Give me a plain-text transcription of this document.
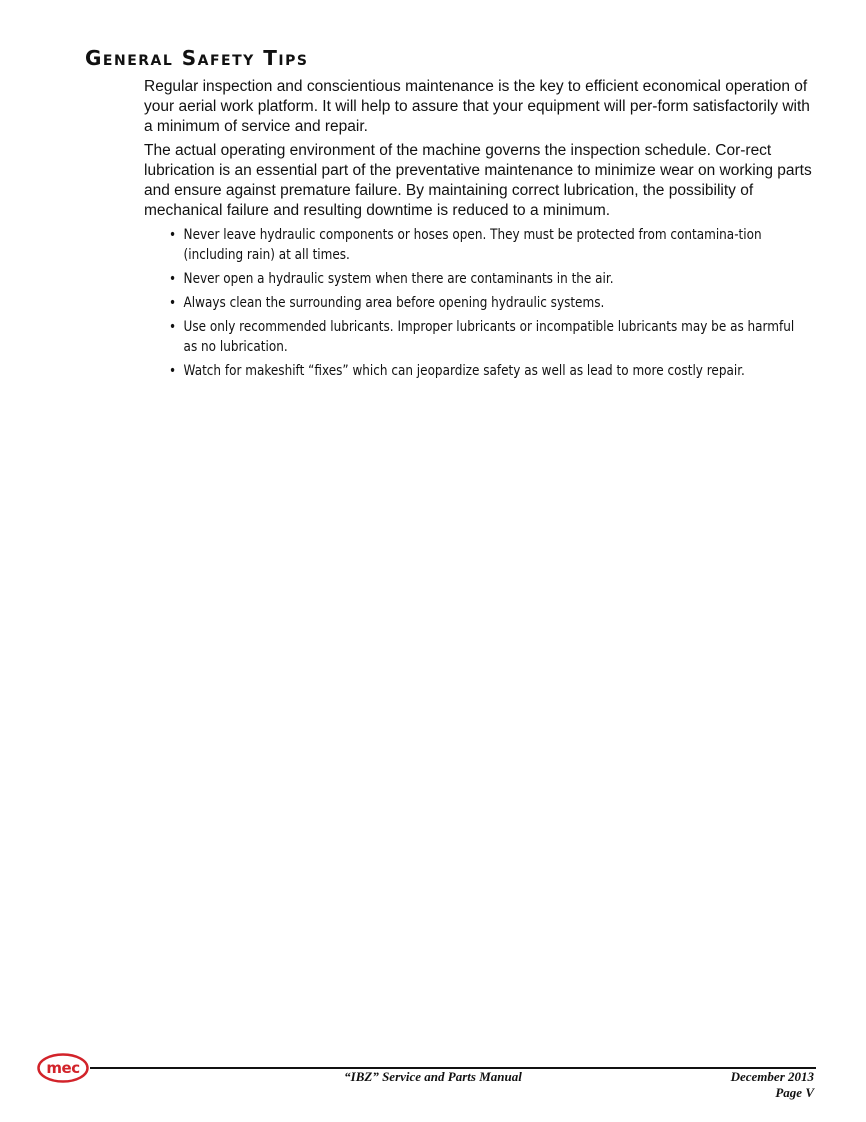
General Safety Tips

Regular inspection and conscientious maintenance is the key to efficient economical operation of your aerial work platform. It will help to assure that your equipment will per-form satisfactorily with a minimum of service and repair.

The actual operating environment of the machine governs the inspection schedule. Cor-rect lubrication is an essential part of the preventative maintenance to minimize wear on working parts and ensure against premature failure. By maintaining correct lubrication, the possibility of mechanical failure and resulting downtime is reduced to a minimum.

• Never leave hydraulic components or hoses open. They must be protected from contamina-tion (including rain) at all times.
• Never open a hydraulic system when there are contaminants in the air.
• Always clean the surrounding area before opening hydraulic systems.
• Use only recommended lubricants. Improper lubricants or incompatible lubricants may be as harmful as no lubrication.
• Watch for makeshift “fixes” which can jeopardize safety as well as lead to more costly repair.
mec	“IBZ” Service and Parts Manual	December 2013
Page V
